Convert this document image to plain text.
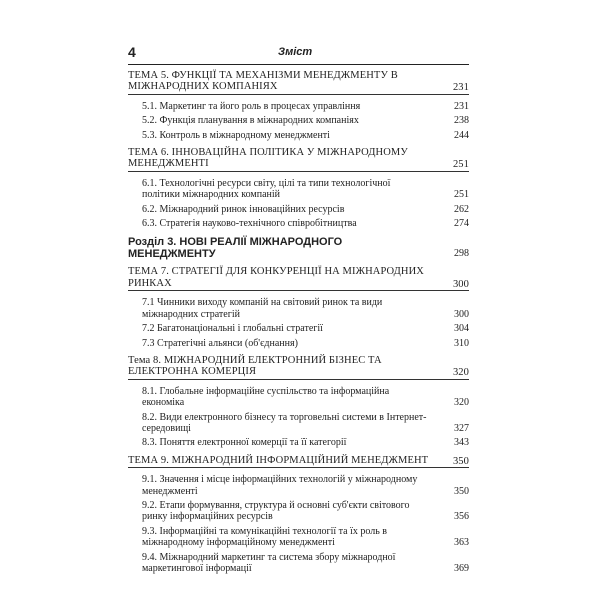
4	Зміст
ТЕМА 5. ФУНКЦІЇ ТА МЕХАНІЗМИ МЕНЕДЖМЕНТУ В МІЖНАРОДНИХ КОМПАНІЯХ	231
5.1. Маркетинг та його роль в процесах управління	231
5.2. Функція планування в міжнародних компаніях	238
5.3. Контроль в міжнародному менеджменті	244
ТЕМА 6. ІННОВАЦІЙНА ПОЛІТИКА У МІЖНАРОДНОМУ МЕНЕДЖМЕНТІ	251
6.1. Технологічні ресурси світу, цілі та типи технологічної політики міжнародних компаній	251
6.2. Міжнародний ринок інноваційних ресурсів	262
6.3. Стратегія науково-технічного співробітництва	274
Розділ 3. НОВІ РЕАЛІЇ МІЖНАРОДНОГО МЕНЕДЖМЕНТУ	298
ТЕМА 7. СТРАТЕГІЇ ДЛЯ КОНКУРЕНЦІЇ НА МІЖНАРОДНИХ РИНКАХ	300
7.1 Чинники виходу компаній на світовий ринок та види міжнародних стратегій	300
7.2 Багатонаціональні і глобальні стратегії	304
7.3 Стратегічні альянси (об'єднання)	310
Тема 8. МІЖНАРОДНИЙ ЕЛЕКТРОННИЙ БІЗНЕС ТА ЕЛЕКТРОННА КОМЕРЦІЯ	320
8.1. Глобальне інформаційне суспільство та інформаційна економіка	320
8.2. Види електронного бізнесу та торговельні системи в Інтернет-середовищі	327
8.3. Поняття електронної комерції та її категорії	343
ТЕМА 9. МІЖНАРОДНИЙ ІНФОРМАЦІЙНИЙ МЕНЕДЖМЕНТ	350
9.1. Значення і місце інформаційних технологій у міжнародному менеджменті	350
9.2. Етапи формування, структура й основні суб'єкти світового ринку інформаційних ресурсів	356
9.3. Інформаційні та комунікаційні технології та їх роль в міжнародному інформаційному менеджменті	363
9.4. Міжнародний маркетинг та система збору міжнародної маркетингової інформації	369
